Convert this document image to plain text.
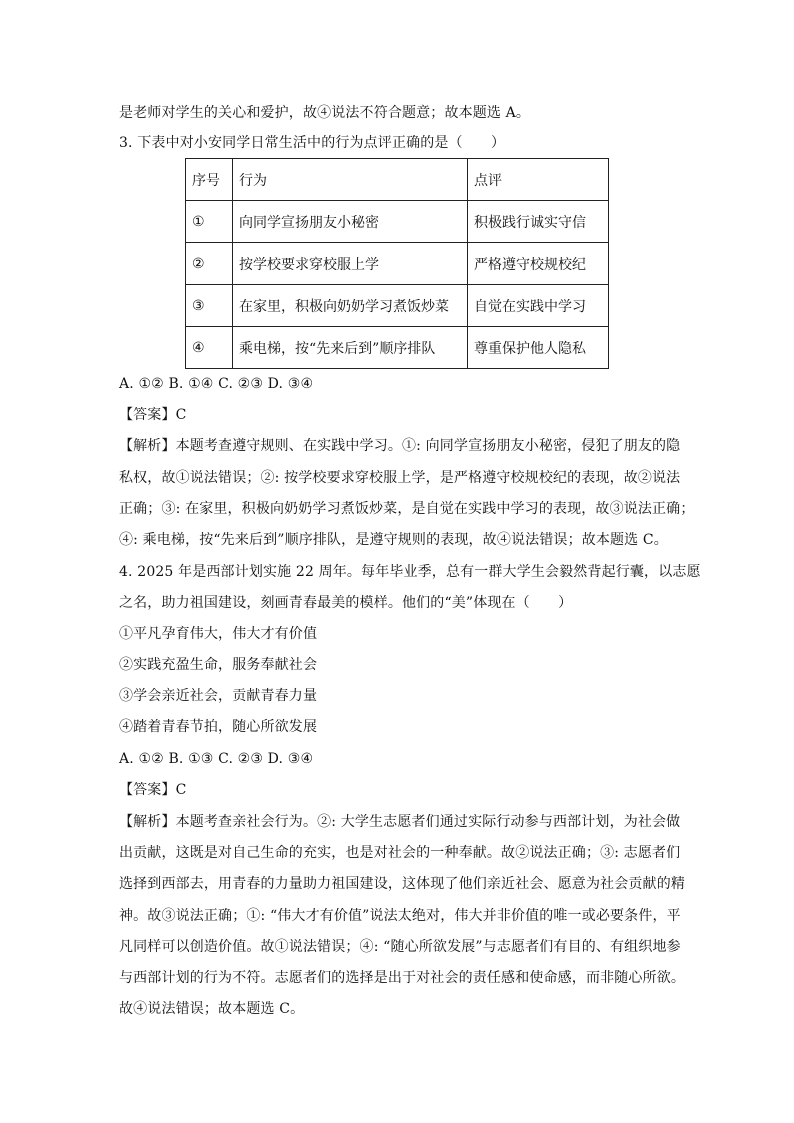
是老师对学生的关心和爱护，故④说法不符合题意；故本题选 A。
3. 下表中对小安同学日常生活中的行为点评正确的是（　　）
序号	行为	点评
①	向同学宣扬朋友小秘密	积极践行诚实守信
②	按学校要求穿校服上学	严格遵守校规校纪
③	在家里，积极向奶奶学习煮饭炒菜	自觉在实践中学习
④	乘电梯，按“先来后到”顺序排队	尊重保护他人隐私
A. ①② B. ①④ C. ②③ D. ③④
【答案】C
【解析】本题考查遵守规则、在实践中学习。①: 向同学宣扬朋友小秘密，侵犯了朋友的隐
私权，故①说法错误；②: 按学校要求穿校服上学，是严格遵守校规校纪的表现，故②说法
正确；③: 在家里，积极向奶奶学习煮饭炒菜，是自觉在实践中学习的表现，故③说法正确；
④: 乘电梯，按“先来后到”顺序排队，是遵守规则的表现，故④说法错误；故本题选 C。
4. 2025 年是西部计划实施 22 周年。每年毕业季，总有一群大学生会毅然背起行囊，以志愿
之名，助力祖国建设，刻画青春最美的模样。他们的“美”体现在（　　）
①平凡孕育伟大，伟大才有价值
②实践充盈生命，服务奉献社会
③学会亲近社会，贡献青春力量
④踏着青春节拍，随心所欲发展
A. ①② B. ①③ C. ②③ D. ③④
【答案】C
【解析】本题考查亲社会行为。②: 大学生志愿者们通过实际行动参与西部计划，为社会做
出贡献，这既是对自己生命的充实，也是对社会的一种奉献。故②说法正确；③: 志愿者们
选择到西部去，用青春的力量助力祖国建设，这体现了他们亲近社会、愿意为社会贡献的精
神。故③说法正确；①: “伟大才有价值”说法太绝对，伟大并非价值的唯一或必要条件，平
凡同样可以创造价值。故①说法错误；④: “随心所欲发展”与志愿者们有目的、有组织地参
与西部计划的行为不符。志愿者们的选择是出于对社会的责任感和使命感，而非随心所欲。
故④说法错误；故本题选 C。
